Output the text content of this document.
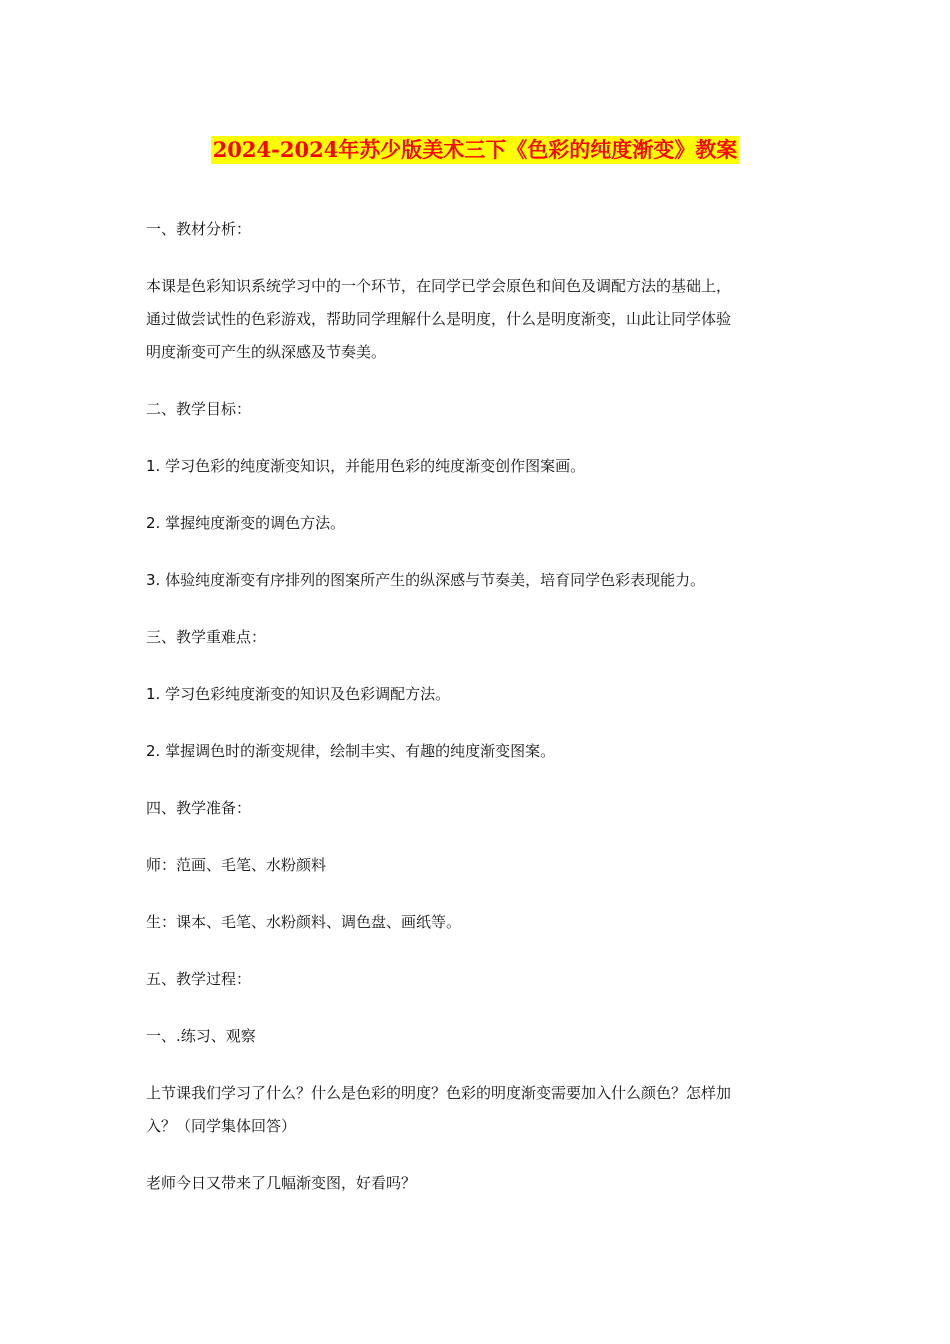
2024-2024年苏少版美术三下《色彩的纯度渐变》教案
一、教材分析：
本课是色彩知识系统学习中的一个环节，在同学已学会原色和间色及调配方法的基础上，
通过做尝试性的色彩游戏，帮助同学理解什么是明度，什么是明度渐变，山此让同学体验
明度渐变可产生的纵深感及节奏美。
二、教学目标：
1. 学习色彩的纯度渐变知识，并能用色彩的纯度渐变创作图案画。
2. 掌握纯度渐变的调色方法。
3. 体验纯度渐变有序排列的图案所产生的纵深感与节奏美，培育同学色彩表现能力。
三、教学重难点：
1. 学习色彩纯度渐变的知识及色彩调配方法。
2. 掌握调色时的渐变规律，绘制丰实、有趣的纯度渐变图案。
四、教学准备：
师：范画、毛笔、水粉颜料
生：课本、毛笔、水粉颜料、调色盘、画纸等。
五、教学过程：
一、.练习、观察
上节课我们学习了什么？什么是色彩的明度？色彩的明度渐变需要加入什么颜色？怎样加
入？（同学集体回答）
老师今日又带来了几幅渐变图，好看吗？
